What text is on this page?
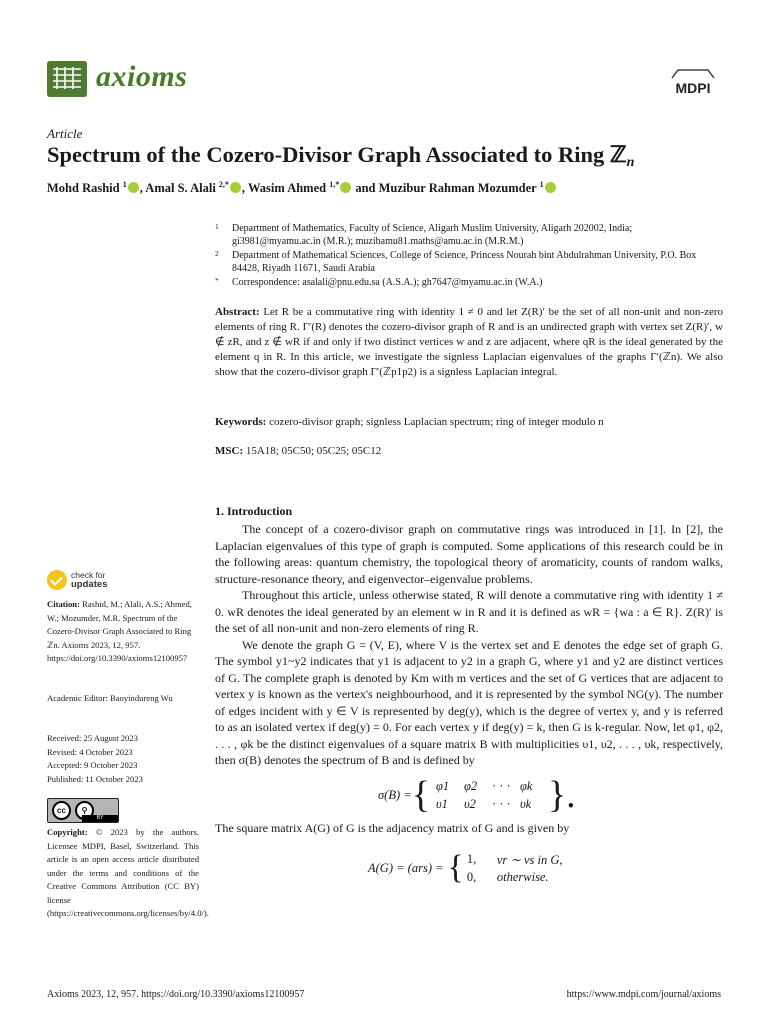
axioms	MDPI
Article
Spectrum of the Cozero-Divisor Graph Associated to Ring ℤn
Mohd Rashid $^1$ , Amal S. Alali $^{2,*}$ , Wasim Ahmed $^{1,*}$ and Muzibur Rahman Mozumder $^1$
1	Department of Mathematics, Faculty of Science, Aligarh Muslim University, Aligarh 202002, India; gi3981@myamu.ac.in (M.R.); muzibamu81.maths@amu.ac.in (M.R.M.)
2	Department of Mathematical Sciences, College of Science, Princess Nourah bint Abdulrahman University, P.O. Box 84428, Riyadh 11671, Saudi Arabia
*	Correspondence: asalali@pnu.edu.sa (A.S.A.); gh7647@myamu.ac.in (W.A.)
Abstract: Let R be a commutative ring with identity 1 ≠ 0 and let Z(R)′ be the set of all non-unit and non-zero elements of ring R. Γ′(R) denotes the cozero-divisor graph of R and is an undirected graph with vertex set Z(R)′, w ∉ zR, and z ∉ wR if and only if two distinct vertices w and z are adjacent, where qR is the ideal generated by the element q in R. In this article, we investigate the signless Laplacian eigenvalues of the graphs Γ′(ℤn). We also show that the cozero-divisor graph Γ′(ℤp1p2) is a signless Laplacian integral.
Keywords: cozero-divisor graph; signless Laplacian spectrum; ring of integer modulo n
MSC: 15A18; 05C50; 05C25; 05C12
1. Introduction

The concept of a cozero-divisor graph on commutative rings was introduced in [1]. In [2], the Laplacian eigenvalues of this type of graph is computed. Some applications of this research could be in the following areas: quantum chemistry, the topological theory of aromaticity, counts of random walks, structure-resonance theory, and eigenvector–eigenvalue problems.

Throughout this article, unless otherwise stated, R will denote a commutative ring with identity 1 ≠ 0. wR denotes the ideal generated by an element w in R and it is defined as wR = {wa : a ∈ R}. Z(R)′ is the set of all non-unit and non-zero elements of ring R.

We denote the graph G = (V, E), where V is the vertex set and E denotes the edge set of graph G. The symbol y1~y2 indicates that y1 is adjacent to y2 in a graph G, where y1 and y2 are distinct vertices of G. The complete graph is denoted by Km with m vertices and the set of G vertices that are adjacent to vertex y is known as the vertex's neighbourhood, and it is represented by the symbol NG(y). The number of edges incident with y ∈ V is represented by deg(y), which is the degree of vertex y, and y is referred to as an isolated vertex if deg(y) = 0. For each vertex y if deg(y) = k, then G is k-regular. Now, let φ1, φ2, . . . , φk be the distinct eigenvalues of a square matrix B with multiplicities υ1, υ2, . . . , υk, respectively, then σ(B) denotes the spectrum of B and is defined by

σ(B) = { φ1	φ2	· · · φk
υ1	υ2	· · · υk }.
The square matrix A(G) of G is the adjacency matrix of G and is given by
A(G) = (ars) = { 1,	vr ∼ vs in G,
0,	otherwise.
check for
updates
Citation: Rashid, M.; Alali, A.S.; Ahmed, W.; Mozumder, M.R. Spectrum of the Cozero-Divisor Graph Associated to Ring ℤn. Axioms 2023, 12, 957. https://doi.org/10.3390/axioms12100957
Academic Editor: Baoyindureng Wu
Received: 25 August 2023
Revised: 4 October 2023
Accepted: 9 October 2023
Published: 11 October 2023
cc	⚲
BY
Copyright: © 2023 by the authors. Licensee MDPI, Basel, Switzerland. This article is an open access article distributed under the terms and conditions of the Creative Commons Attribution (CC BY) license (https://creativecommons.org/licenses/by/4.0/).
Axioms 2023, 12, 957. https://doi.org/10.3390/axioms12100957	https://www.mdpi.com/journal/axioms
